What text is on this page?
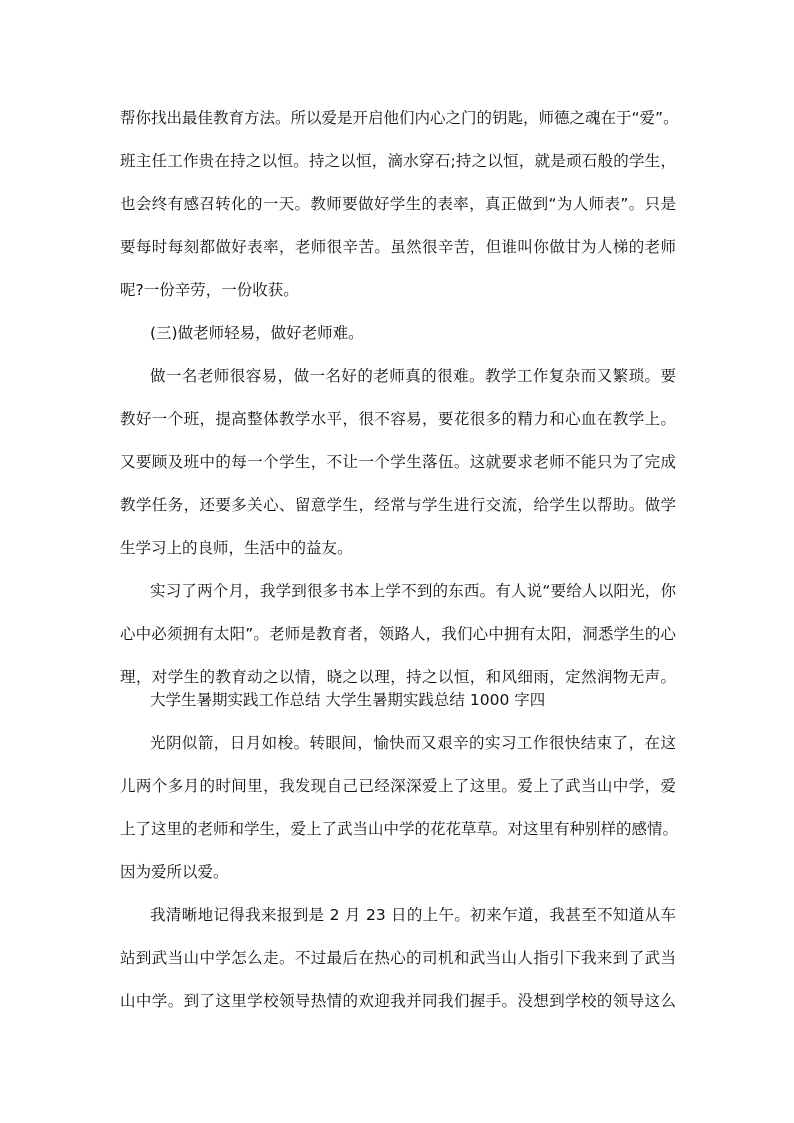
帮你找出最佳教育方法。所以爱是开启他们内心之门的钥匙，师德之魂在于“爱”。
班主任工作贵在持之以恒。持之以恒，滴水穿石;持之以恒，就是顽石般的学生，
也会终有感召转化的一天。教师要做好学生的表率，真正做到“为人师表”。只是
要每时每刻都做好表率，老师很辛苦。虽然很辛苦，但谁叫你做甘为人梯的老师
呢?一份辛劳，一份收获。
(三)做老师轻易，做好老师难。
做一名老师很容易，做一名好的老师真的很难。教学工作复杂而又繁琐。要
教好一个班，提高整体教学水平，很不容易，要花很多的精力和心血在教学上。
又要顾及班中的每一个学生，不让一个学生落伍。这就要求老师不能只为了完成
教学任务，还要多关心、留意学生，经常与学生进行交流，给学生以帮助。做学
生学习上的良师，生活中的益友。
实习了两个月，我学到很多书本上学不到的东西。有人说“要给人以阳光，你
心中必须拥有太阳”。老师是教育者，领路人，我们心中拥有太阳，洞悉学生的心
理，对学生的教育动之以情，晓之以理，持之以恒，和风细雨，定然润物无声。
大学生暑期实践工作总结 大学生暑期实践总结 1000 字四
光阴似箭，日月如梭。转眼间，愉快而又艰辛的实习工作很快结束了，在这
儿两个多月的时间里，我发现自己已经深深爱上了这里。爱上了武当山中学，爱
上了这里的老师和学生，爱上了武当山中学的花花草草。对这里有种别样的感情。
因为爱所以爱。
我清晰地记得我来报到是 2 月 23 日的上午。初来乍道，我甚至不知道从车
站到武当山中学怎么走。不过最后在热心的司机和武当山人指引下我来到了武当
山中学。到了这里学校领导热情的欢迎我并同我们握手。没想到学校的领导这么
